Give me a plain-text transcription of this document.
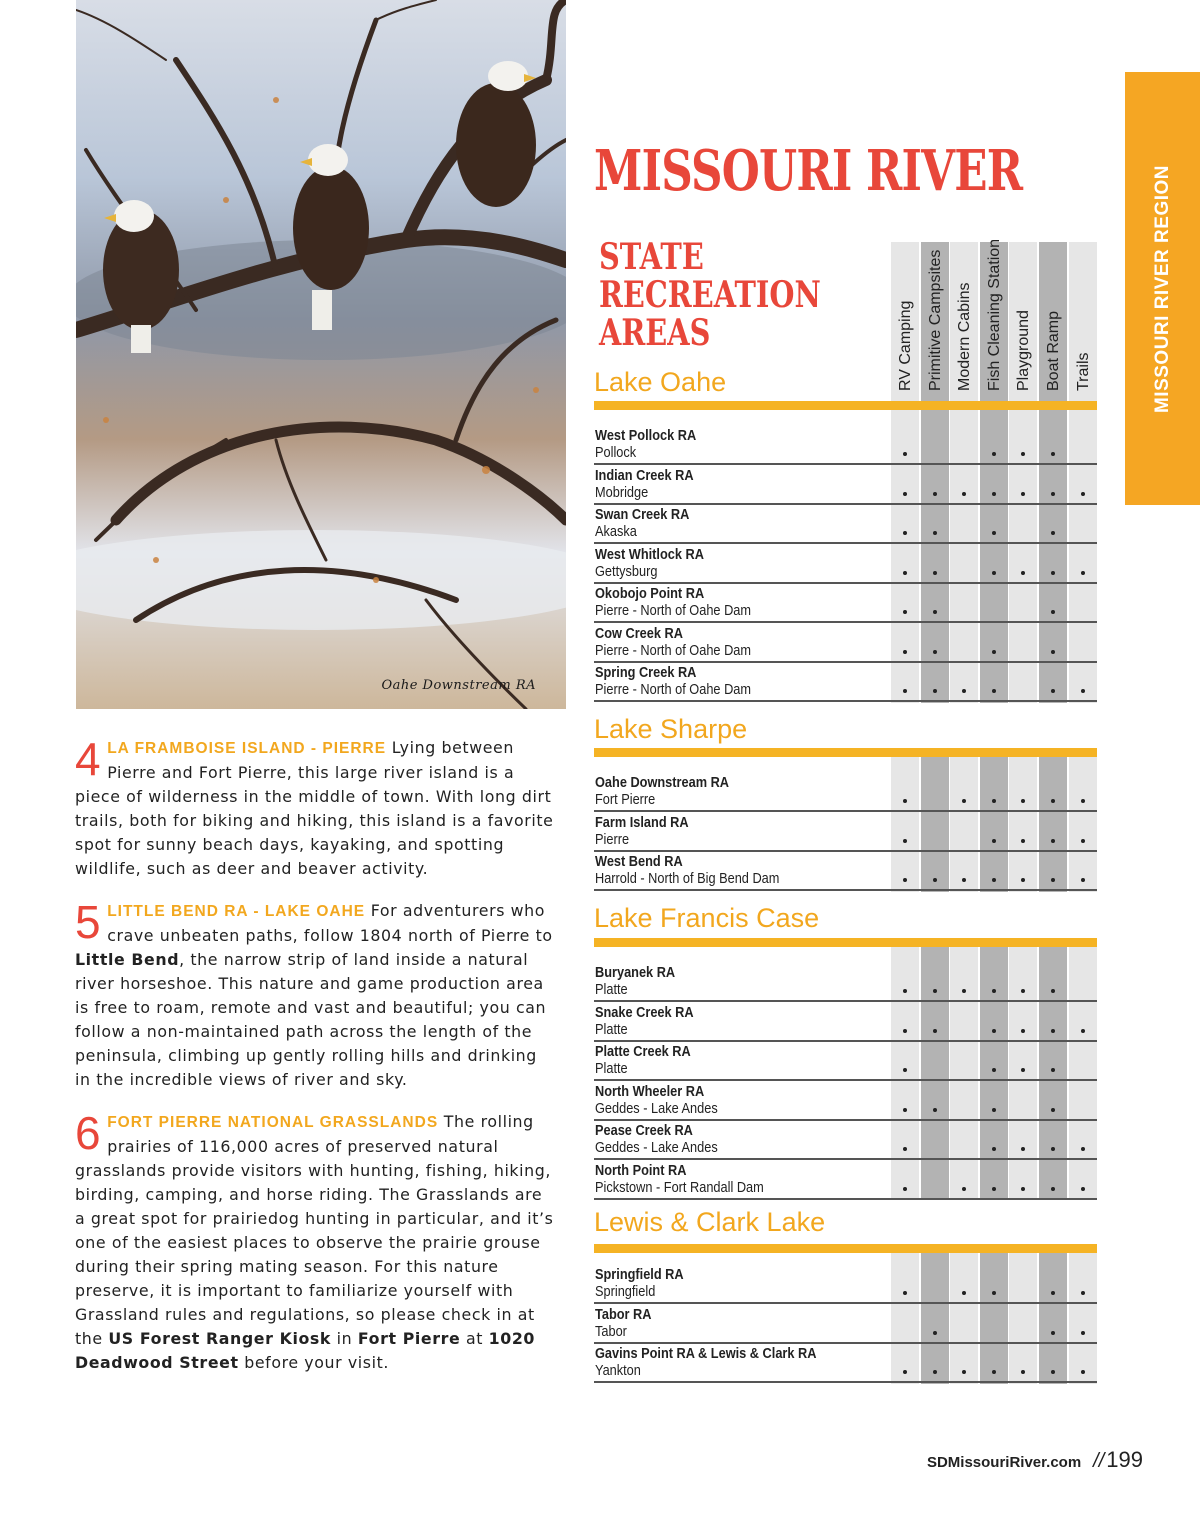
Oahe Downstream RA
4 LA FRAMBOISE ISLAND - PIERRE Lying between Pierre and Fort Pierre, this large river island is a piece of wilderness in the middle of town. With long dirt trails, both for biking and hiking, this island is a favorite spot for sunny beach days, kayaking, and spotting wildlife, such as deer and beaver activity.
5 LITTLE BEND RA - LAKE OAHE For adventurers who crave unbeaten paths, follow 1804 north of Pierre to Little Bend, the narrow strip of land inside a natural river horseshoe. This nature and game production area is free to roam, remote and vast and beautiful; you can follow a non-maintained path across the length of the peninsula, climbing up gently rolling hills and drinking in the incredible views of river and sky.
6 FORT PIERRE NATIONAL GRASSLANDS The rolling prairies of 116,000 acres of preserved natural grasslands provide visitors with hunting, fishing, hiking, birding, camping, and horse riding. The Grasslands are a great spot for prairiedog hunting in particular, and it’s one of the easiest places to observe the prairie grouse during their spring mating season. For this nature preserve, it is important to familiarize yourself with Grassland rules and regulations, so please check in at the US Forest Ranger Kiosk in Fort Pierre at 1020 Deadwood Street before your visit.
MISSOURI RIVER REGION
MISSOURI RIVER
STATE
RECREATION
AREAS	RV Camping Primitive Campsites Modern Cabins Fish Cleaning Station Playground Boat Ramp Trails
Lake Oahe
West Pollock RA
Pollock
Indian Creek RA
Mobridge
Swan Creek RA
Akaska
West Whitlock RA
Gettysburg
Okobojo Point RA
Pierre - North of Oahe Dam
Cow Creek RA
Pierre - North of Oahe Dam
Spring Creek RA
Pierre - North of Oahe Dam
Lake Sharpe
Oahe Downstream RA
Fort Pierre
Farm Island RA
Pierre
West Bend RA
Harrold - North of Big Bend Dam
Lake Francis Case
Buryanek RA
Platte
Snake Creek RA
Platte
Platte Creek RA
Platte
North Wheeler RA
Geddes - Lake Andes
Pease Creek RA
Geddes - Lake Andes
North Point RA
Pickstown - Fort Randall Dam
Lewis & Clark Lake
Springfield RA
Springfield
Tabor RA
Tabor
Gavins Point RA & Lewis & Clark RA
Yankton
SDMissouriRiver.com //199
